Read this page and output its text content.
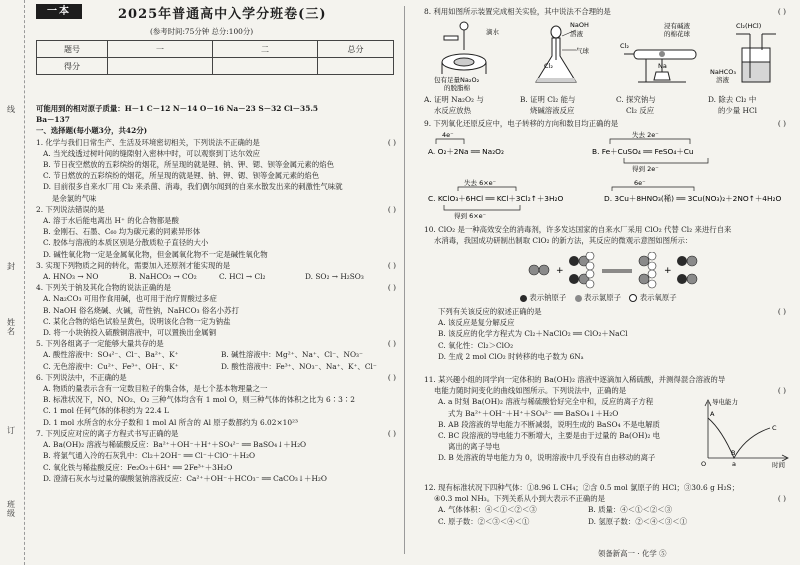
线
封
姓名
订
班级
一本	2025年普通高中入学分班卷(三)
(参考时间:75分钟 总分:100分)
题号	一	二	总分
得分			
可能用到的相对原子质量：H－1 C－12 N－14 O－16 Na－23 S－32 Cl－35.5
Ba－137
一、选择题(每小题3分，共42分)
1. 化学与我们日常生产、生活及环境密切相关，下列说法不正确的是	( )
A. 当光线透过树叶间的缝隙射入密林中时，可以观察到丁达尔效应
B. 节日夜空燃放的五彩缤纷的烟花，所呈现的就是锂、钠、钾、锶、钡等金属元素的焰色
C. 节日燃放的五彩缤纷的烟花，所呈现的就是锂、钠、钾、锶、钡等金属元素的焰色
D. 目前很多自来水厂用 Cl₂ 来杀菌、消毒，我们偶尔闻到的自来水散发出来的刺激性气味就
是余氯的气味
2. 下列说法错误的是	( )
A. 溶于水后能电离出 H⁺ 的化合物都是酸
B. 金刚石、石墨、C₆₀ 均为碳元素的同素异形体
C. 胶体与溶液的本质区别是分散质粒子直径的大小
D. 碱性氧化物一定是金属氧化物，但金属氧化物不一定是碱性氧化物
3. 实现下列物质之间的转化，需要加入还原剂才能实现的是	( )
A. HNO₃ → NO	B. NaHCO₃ → CO₂	C. HCl → Cl₂	D. SO₂ → H₂SO₃
4. 下列关于钠及其化合物的说法正确的是	( )
A. Na₂CO₃ 可用作食用碱，也可用于治疗胃酸过多症
B. NaOH 俗名烧碱、火碱，苛性钠，NaHCO₃ 俗名小苏打
C. 某化合物的焰色试验呈黄色，说明该化合物一定为钠盐
D. 将一小块钠投入硫酸铜溶液中，可以置换出金属铜
5. 下列各组离子一定能够大量共存的是	( )
A. 酸性溶液中：SO₄²⁻、Cl⁻、Ba²⁺、K⁺	B. 碱性溶液中：Mg²⁺、Na⁺、Cl⁻、NO₃⁻
C. 无色溶液中：Cu²⁺、Fe³⁺、OH⁻、K⁺	D. 酸性溶液中：Fe³⁺、NO₃⁻、Na⁺、K⁺、Cl⁻
6. 下列说法中，不正确的是	( )
A. 物质的量表示含有一定数目粒子的集合体，是七个基本物理量之一
B. 标准状况下，NO、NO₂、O₂ 三种气体均含有 1 mol O，则三种气体的体积之比为 6∶3∶2
C. 1 mol 任何气体的体积约为 22.4 L
D. 1 mol 水所含的水分子数和 1 mol Al 所含的 Al 原子数都约为 6.02×10²³
7. 下列反应对应的离子方程式书写正确的是	( )
A. Ba(OH)₂ 溶液与稀硫酸反应：Ba²⁺＋OH⁻＋H⁺＋SO₄²⁻ ══ BaSO₄↓＋H₂O
B. 将氯气通入冷的石灰乳中：Cl₂＋2OH⁻ ══ Cl⁻＋ClO⁻＋H₂O
C. 氧化铁与稀盐酸反应：Fe₂O₃＋6H⁺ ══ 2Fe³⁺＋3H₂O
D. 澄清石灰水与过量的碳酸氢钠溶液反应：Ca²⁺＋OH⁻＋HCO₃⁻ ══ CaCO₃↓＋H₂O
8. 利用如图所示装置完成相关实验，其中说法不合理的是	( )
滴水
包有足量Na₂O₂
的脱脂棉
NaOH
溶液
气球
Cl₂
Cl₂
浸有碱液
的棉花球
Na
Cl₂(HCl)
NaHCO₃
溶液
A. 证明 Na₂O₂ 与	B. 证明 Cl₂ 能与	C. 探究钠与	D. 除去 Cl₂ 中
水反应放热	烧碱溶液反应	Cl₂ 反应	的少量 HCl
9. 下列氧化还原反应中，电子转移的方向和数目均正确的是	( )
4e⁻
A. O₂＋2Na ══ Na₂O₂
失去 2e⁻
B. Fe＋CuSO₄ ══ FeSO₄＋Cu
得到 2e⁻
失去 6×e⁻
C. KClO₃＋6HCl ══ KCl＋3Cl₂↑＋3H₂O
得到 6×e⁻
6e⁻
D. 3Cu＋8HNO₃(稀) ══ 3Cu(NO₃)₂＋2NO↑＋4H₂O
10. ClO₂ 是一种高效安全的消毒剂，许多发达国家的自来水厂采用 ClO₂ 代替 Cl₂ 来进行自来
水消毒，我国成功研制出制取 ClO₂ 的新方法，其反应的微观示意图如图所示：
+	+
表示钠原子 表示氯原子	表示氧原子
下列有关该反应的叙述正确的是	( )
A. 该反应是复分解反应
B. 该反应的化学方程式为 Cl₂＋NaClO₂ ══ ClO₂＋NaCl
C. 氧化性：Cl₂＞ClO₂
D. 生成 2 mol ClO₂ 时转移的电子数为 6Nₐ
11. 某兴趣小组的同学向一定体积的 Ba(OH)₂ 溶液中逐滴加入稀硫酸，并测得混合溶液的导
电能力随时间变化的曲线如图所示。下列说法中，正确的是	( )
A. a 时刻 Ba(OH)₂ 溶液与稀硫酸恰好完全中和，反应的离子方程
式为 Ba²⁺＋OH⁻＋H⁺＋SO₄²⁻ ══ BaSO₄↓＋H₂O
B. AB 段溶液的导电能力不断减弱，说明生成的 BaSO₄ 不是电解质
C. BC 段溶液的导电能力不断增大，主要是由于过量的 Ba(OH)₂ 电
离出的离子导电
D. B 处溶液的导电能力为 0，说明溶液中几乎没有自由移动的离子
导电能力
时间
A
B
C
O	a
12. 现有标准状况下四种气体：①8.96 L CH₄；②含 0.5 mol 氯原子的 HCl；③30.6 g H₂S；
④0.3 mol NH₃。下列关系从小到大表示不正确的是	( )
A. 气体体积：④＜①＜②＜③	B. 质量：④＜①＜②＜③
C. 原子数：②＜③＜④＜①	D. 氢原子数：②＜④＜③＜①
领备新高一 · 化学 ⑤
